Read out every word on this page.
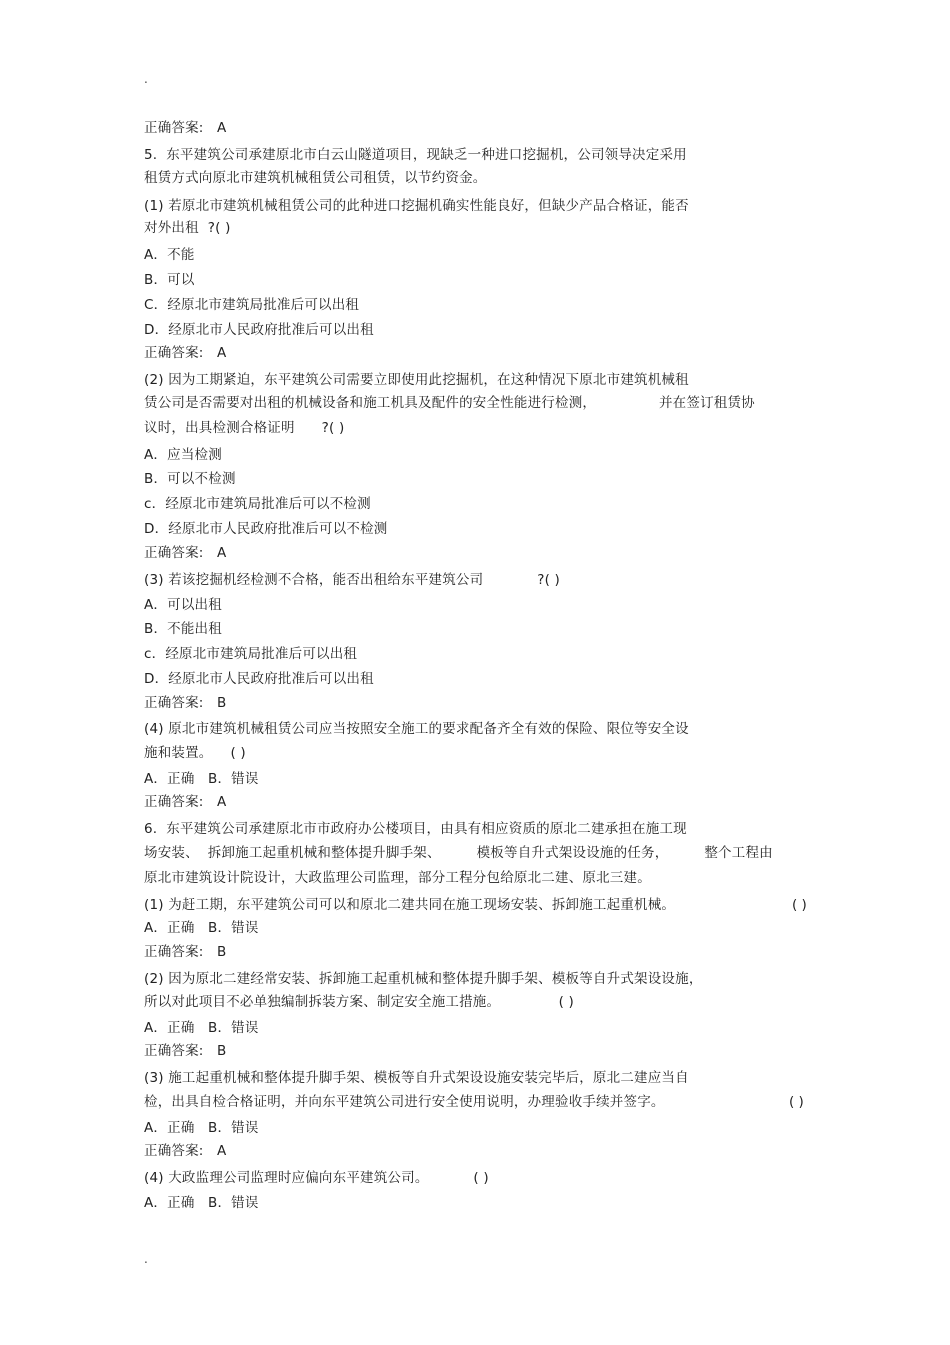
.
正确答案:   A
5.  东平建筑公司承建原北市白云山隧道项目，现缺乏一种进口挖掘机，公司领导决定采用
租赁方式向原北市建筑机械租赁公司租赁，以节约资金。
(1) 若原北市建筑机械租赁公司的此种进口挖掘机确实性能良好，但缺少产品合格证，能否
对外出租  ?( )
A．不能
B．可以
C．经原北市建筑局批准后可以出租
D．经原北市人民政府批准后可以出租
正确答案:   A
(2) 因为工期紧迫，东平建筑公司需要立即使用此挖掘机，在这种情况下原北市建筑机械租
赁公司是否需要对出租的机械设备和施工机具及配件的安全性能进行检测，              并在签订租赁协
议时，出具检测合格证明      ?( )
A．应当检测
B．可以不检测
c．经原北市建筑局批准后可以不检测
D．经原北市人民政府批准后可以不检测
正确答案:   A
(3) 若该挖掘机经检测不合格，能否出租给东平建筑公司            ?( )
A．可以出租
B．不能出租
c．经原北市建筑局批准后可以出租
D．经原北市人民政府批准后可以出租
正确答案:   B
(4) 原北市建筑机械租赁公司应当按照安全施工的要求配备齐全有效的保险、限位等安全设
施和装置。    ( )
A．正确   B．错误
正确答案:   A
6.  东平建筑公司承建原北市市政府办公楼项目，由具有相应资质的原北二建承担在施工现
场安装、  拆卸施工起重机械和整体提升脚手架、        模板等自升式架设设施的任务，        整个工程由
原北市建筑设计院设计，大政监理公司监理，部分工程分包给原北二建、原北三建。
(1) 为赶工期，东平建筑公司可以和原北二建共同在施工现场安装、拆卸施工起重机械。	( )
A．正确   B．错误
正确答案:   B
(2) 因为原北二建经常安装、拆卸施工起重机械和整体提升脚手架、模板等自升式架设设施，
所以对此项目不必单独编制拆装方案、制定安全施工措施。             ( )
A．正确   B．错误
正确答案:   B
(3) 施工起重机械和整体提升脚手架、模板等自升式架设设施安装完毕后，原北二建应当自
检，出具自检合格证明，并向东平建筑公司进行安全使用说明，办理验收手续并签字。	( )
A．正确   B．错误
正确答案:   A
(4) 大政监理公司监理时应偏向东平建筑公司。          ( )
A．正确   B．错误
.
